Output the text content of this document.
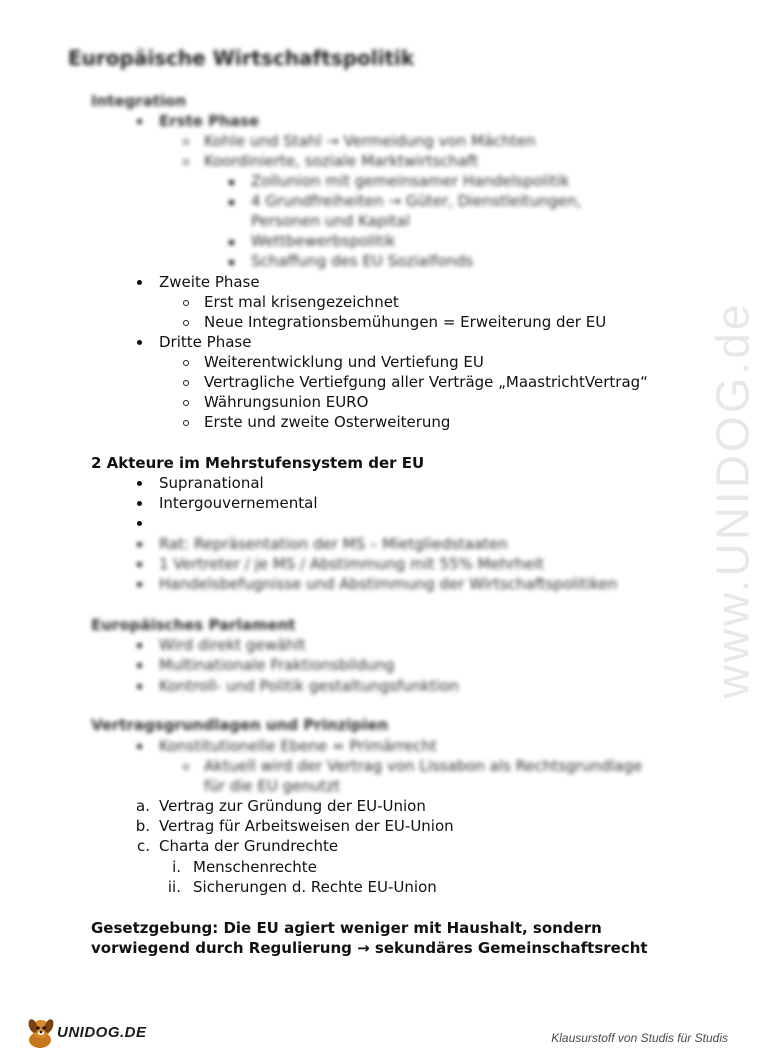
www.UNIDOG.de
Europäische Wirtschaftspolitik
Integration
Erste Phase
Kohle und Stahl → Vermeidung von Mächten
Koordinierte, soziale Marktwirtschaft
Zollunion mit gemeinsamer Handelspolitik
4 Grundfreiheiten → Güter, Dienstleitungen,
Personen und Kapital
Wettbewerbspolitik
Schaffung des EU Sozialfonds
Zweite Phase
Erst mal krisengezeichnet
Neue Integrationsbemühungen = Erweiterung der EU
Dritte Phase
Weiterentwicklung und Vertiefung EU
Vertragliche Vertiefgung aller Verträge „MaastrichtVertrag“
Währungsunion EURO
Erste und zweite Osterweiterung
2 Akteure im Mehrstufensystem der EU
Supranational
Intergouvernemental
Rat: Repräsentation der MS – Mietgliedstaaten
1 Vertreter / je MS / Abstimmung mit 55% Mehrheit
Handelsbefugnisse und Abstimmung der Wirtschaftspolitiken
Europäisches Parlament
Wird direkt gewählt
Multinationale Fraktionsbildung
Kontroll- und Politik gestaltungsfunktion
Vertragsgrundlagen und Prinzipien
Konstitutionelle Ebene = Primärrecht
Aktuell wird der Vertrag von Lissabon als Rechtsgrundlage
für die EU genutzt
a. Vertrag zur Gründung der EU-Union
b. Vertrag für Arbeitsweisen der EU-Union
c. Charta der Grundrechte
i. Menschenrechte
ii. Sicherungen d. Rechte EU-Union
Gesetzgebung: Die EU agiert weniger mit Haushalt, sondern
vorwiegend durch Regulierung → sekundäres Gemeinschaftsrecht
UNIDOG.DE	Klausurstoff von Studis für Studis
